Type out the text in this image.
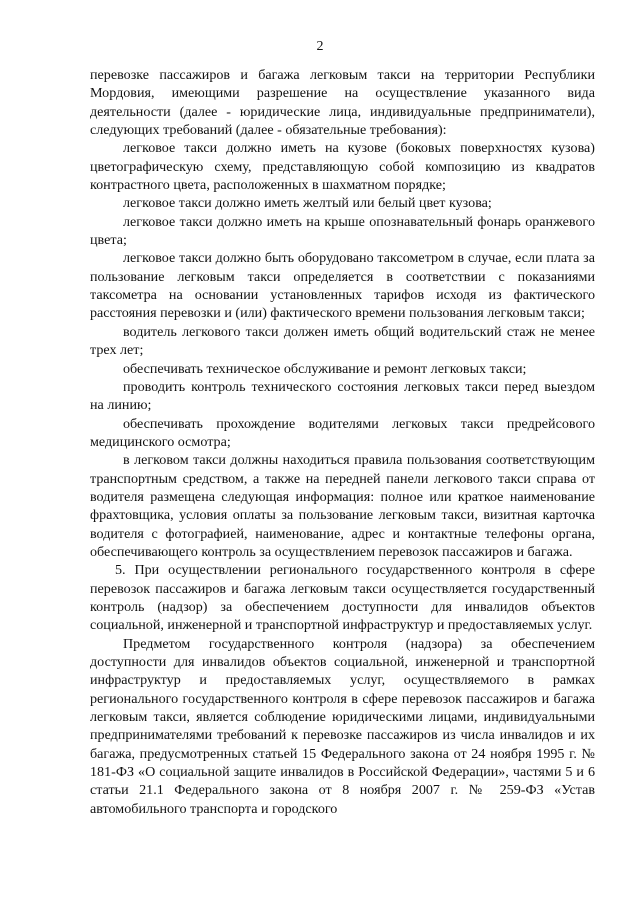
2

перевозке пассажиров и багажа легковым такси на территории Республики Мордовия, имеющими разрешение на осуществление указанного вида деятельности (далее - юридические лица, индивидуальные предприниматели), следующих требований (далее - обязательные требования):

легковое такси должно иметь на кузове (боковых поверхностях кузова) цветографическую схему, представляющую собой композицию из квадратов контрастного цвета, расположенных в шахматном порядке;

легковое такси должно иметь желтый или белый цвет кузова;

легковое такси должно иметь на крыше опознавательный фонарь оранжевого цвета;

легковое такси должно быть оборудовано таксометром в случае, если плата за пользование легковым такси определяется в соответствии с показаниями таксометра на основании установленных тарифов исходя из фактического расстояния перевозки и (или) фактического времени пользования легковым такси;

водитель легкового такси должен иметь общий водительский стаж не менее трех лет;

обеспечивать техническое обслуживание и ремонт легковых такси;

проводить контроль технического состояния легковых такси перед выездом на линию;

обеспечивать прохождение водителями легковых такси предрейсового медицинского осмотра;

в легковом такси должны находиться правила пользования соответствующим транспортным средством, а также на передней панели легкового такси справа от водителя размещена следующая информация: полное или краткое наименование фрахтовщика, условия оплаты за пользование легковым такси, визитная карточка водителя с фотографией, наименование, адрес и контактные телефоны органа, обеспечивающего контроль за осуществлением перевозок пассажиров и багажа.

5. При осуществлении регионального государственного контроля в сфере перевозок пассажиров и багажа легковым такси осуществляется государственный контроль (надзор) за обеспечением доступности для инвалидов объектов социальной, инженерной и транспортной инфраструктур и предоставляемых услуг.

Предметом государственного контроля (надзора) за обеспечением доступности для инвалидов объектов социальной, инженерной и транспортной инфраструктур и предоставляемых услуг, осуществляемого в рамках регионального государственного контроля в сфере перевозок пассажиров и багажа легковым такси, является соблюдение юридическими лицами, индивидуальными предпринимателями требований к перевозке пассажиров из числа инвалидов и их багажа, предусмотренных статьей 15 Федерального закона от 24 ноября 1995 г. № 181-ФЗ «О социальной защите инвалидов в Российской Федерации», частями 5 и 6 статьи 21.1 Федерального закона от 8 ноября 2007 г. № 259-ФЗ «Устав автомобильного транспорта и городского
